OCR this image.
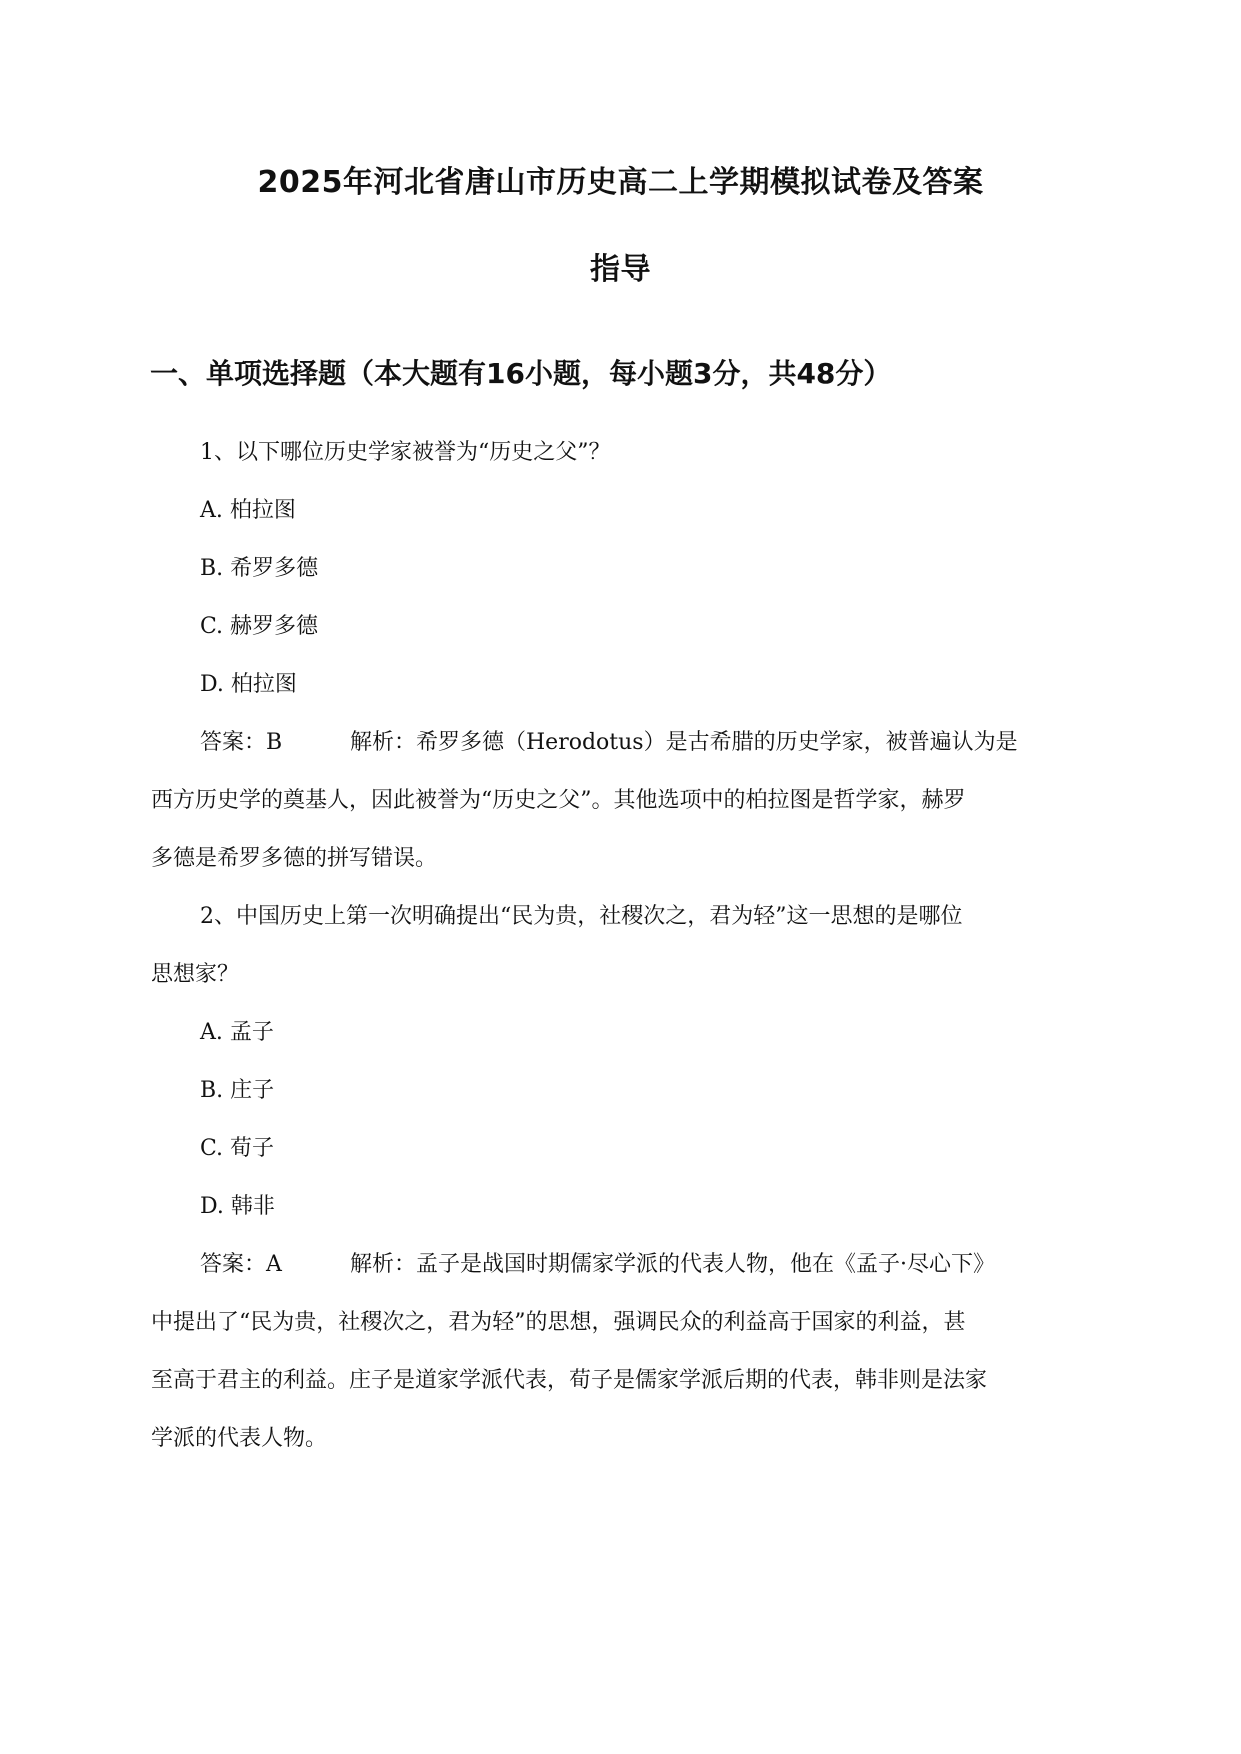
2025年河北省唐山市历史高二上学期模拟试卷及答案
指导
一、单项选择题（本大题有16小题，每小题3分，共48分）

1、以下哪位历史学家被誉为“历史之父”？

A. 柏拉图

B. 希罗多德

C. 赫罗多德

D. 柏拉图

答案：B	解析：希罗多德（Herodotus）是古希腊的历史学家，被普遍认为是

西方历史学的奠基人，因此被誉为“历史之父”。其他选项中的柏拉图是哲学家，赫罗

多德是希罗多德的拼写错误。

2、中国历史上第一次明确提出“民为贵，社稷次之，君为轻”这一思想的是哪位

思想家？

A. 孟子

B. 庄子

C. 荀子

D. 韩非

答案：A	解析：孟子是战国时期儒家学派的代表人物，他在《孟子·尽心下》

中提出了“民为贵，社稷次之，君为轻”的思想，强调民众的利益高于国家的利益，甚

至高于君主的利益。庄子是道家学派代表，荀子是儒家学派后期的代表，韩非则是法家

学派的代表人物。
